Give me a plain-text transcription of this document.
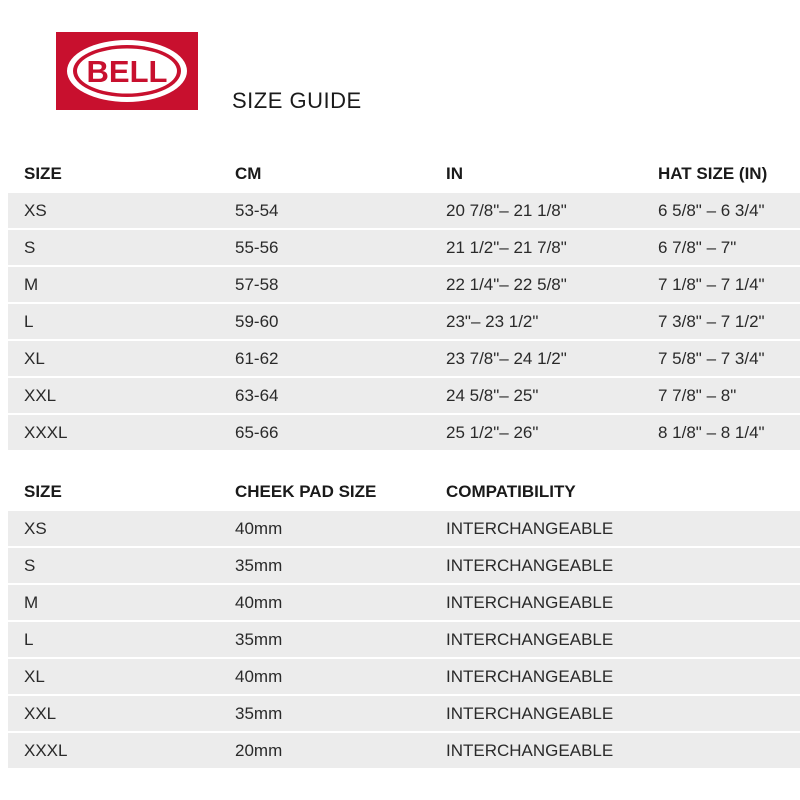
BELL
SIZE GUIDE
SIZE	CM	IN	HAT SIZE (IN)
XS	53-54	20 7/8"– 21 1/8"	6 5/8" – 6 3/4"
S	55-56	21 1/2"– 21 7/8"	6 7/8" – 7"
M	57-58	22 1/4"– 22 5/8"	7 1/8" – 7 1/4"
L	59-60	23"– 23 1/2"	7 3/8" – 7 1/2"
XL	61-62	23 7/8"– 24 1/2"	7 5/8" – 7 3/4"
XXL	63-64	24 5/8"– 25"	7 7/8" – 8"
XXXL	65-66	25 1/2"– 26"	8 1/8" – 8 1/4"
SIZE	CHEEK PAD SIZE	COMPATIBILITY
XS	40mm	INTERCHANGEABLE
S	35mm	INTERCHANGEABLE
M	40mm	INTERCHANGEABLE
L	35mm	INTERCHANGEABLE
XL	40mm	INTERCHANGEABLE
XXL	35mm	INTERCHANGEABLE
XXXL	20mm	INTERCHANGEABLE
